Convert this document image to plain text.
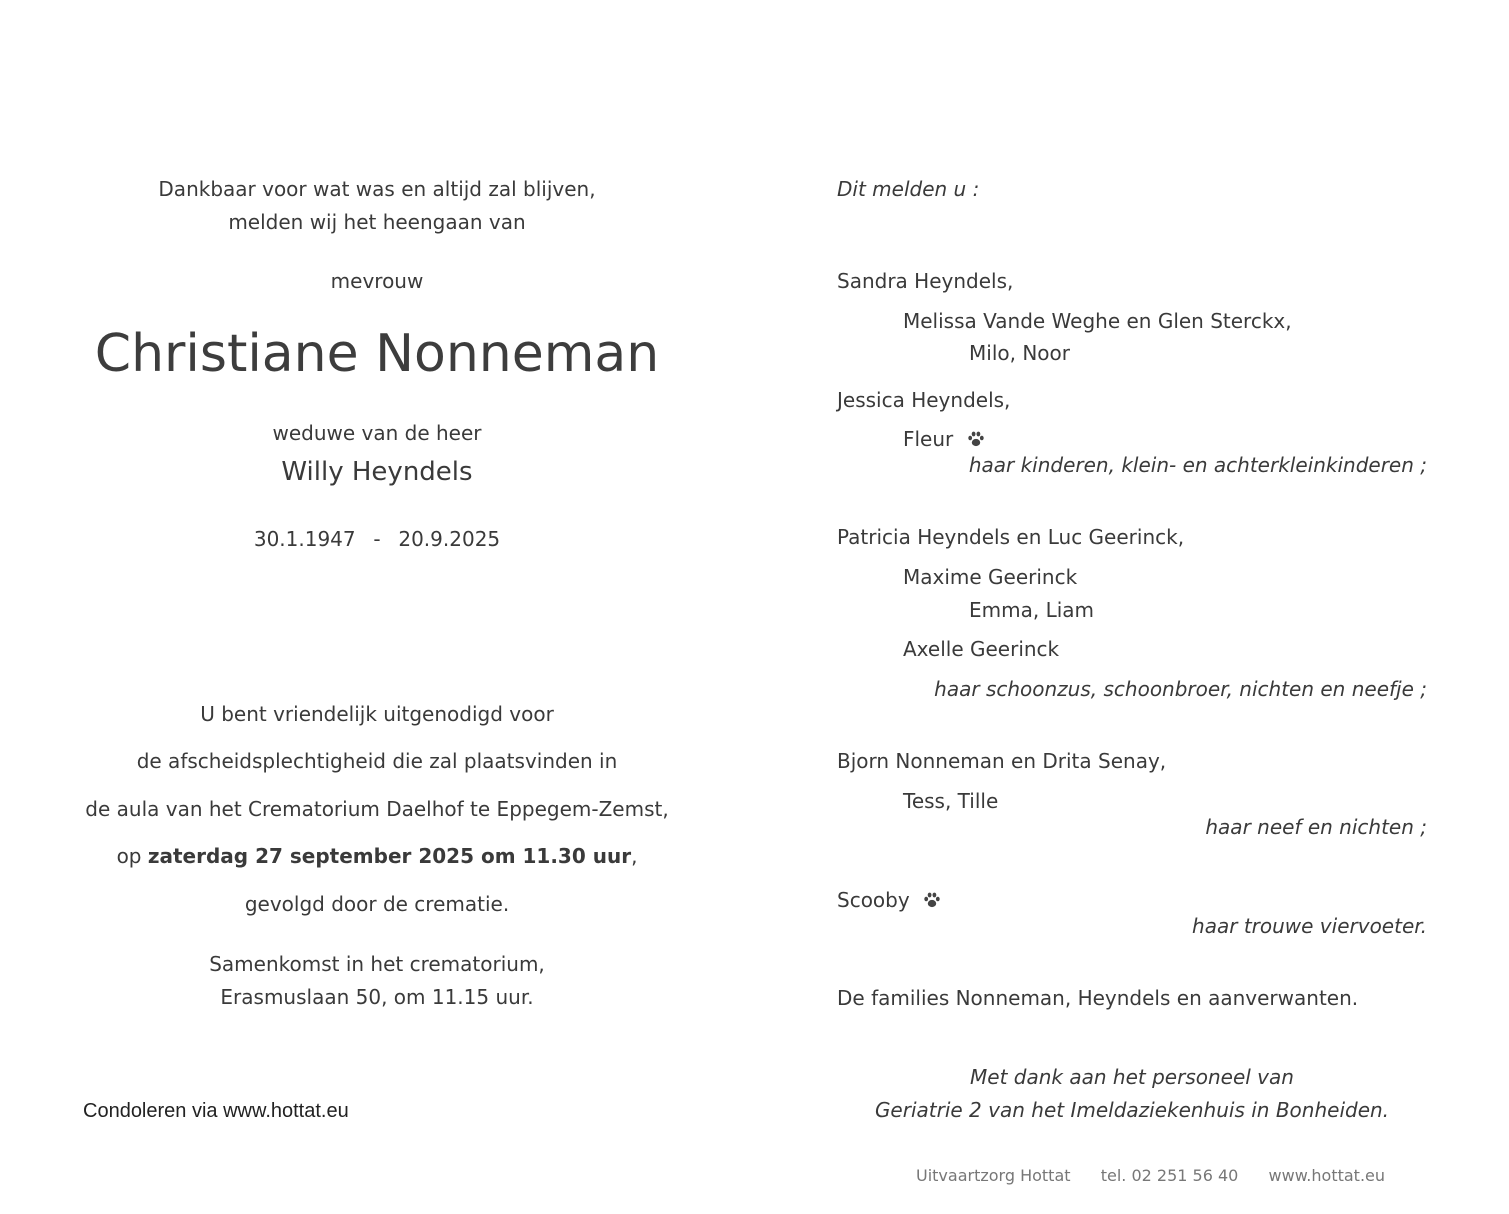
Dankbaar voor wat was en altijd zal blijven,
melden wij het heengaan van
mevrouw
Christiane Nonneman
weduwe van de heer
Willy Heyndels
30.1.1947 - 20.9.2025
U bent vriendelijk uitgenodigd voor
de afscheidsplechtigheid die zal plaatsvinden in
de aula van het Crematorium Daelhof te Eppegem-Zemst,
op zaterdag 27 september 2025 om 11.30 uur,
gevolgd door de crematie.
Samenkomst in het crematorium,
Erasmuslaan 50, om 11.15 uur.
Condoleren via www.hottat.eu
Dit melden u :
Sandra Heyndels,
Melissa Vande Weghe en Glen Sterckx,
Milo, Noor
Jessica Heyndels,
Fleur
haar kinderen, klein- en achterkleinkinderen ;
Patricia Heyndels en Luc Geerinck,
Maxime Geerinck
Emma, Liam
Axelle Geerinck
haar schoonzus, schoonbroer, nichten en neefje ;
Bjorn Nonneman en Drita Senay,
Tess, Tille
haar neef en nichten ;
Scooby
haar trouwe viervoeter.
De families Nonneman, Heyndels en aanverwanten.
Met dank aan het personeel van
Geriatrie 2 van het Imeldaziekenhuis in Bonheiden.
Uitvaartzorg Hottat tel. 02 251 56 40 www.hottat.eu
